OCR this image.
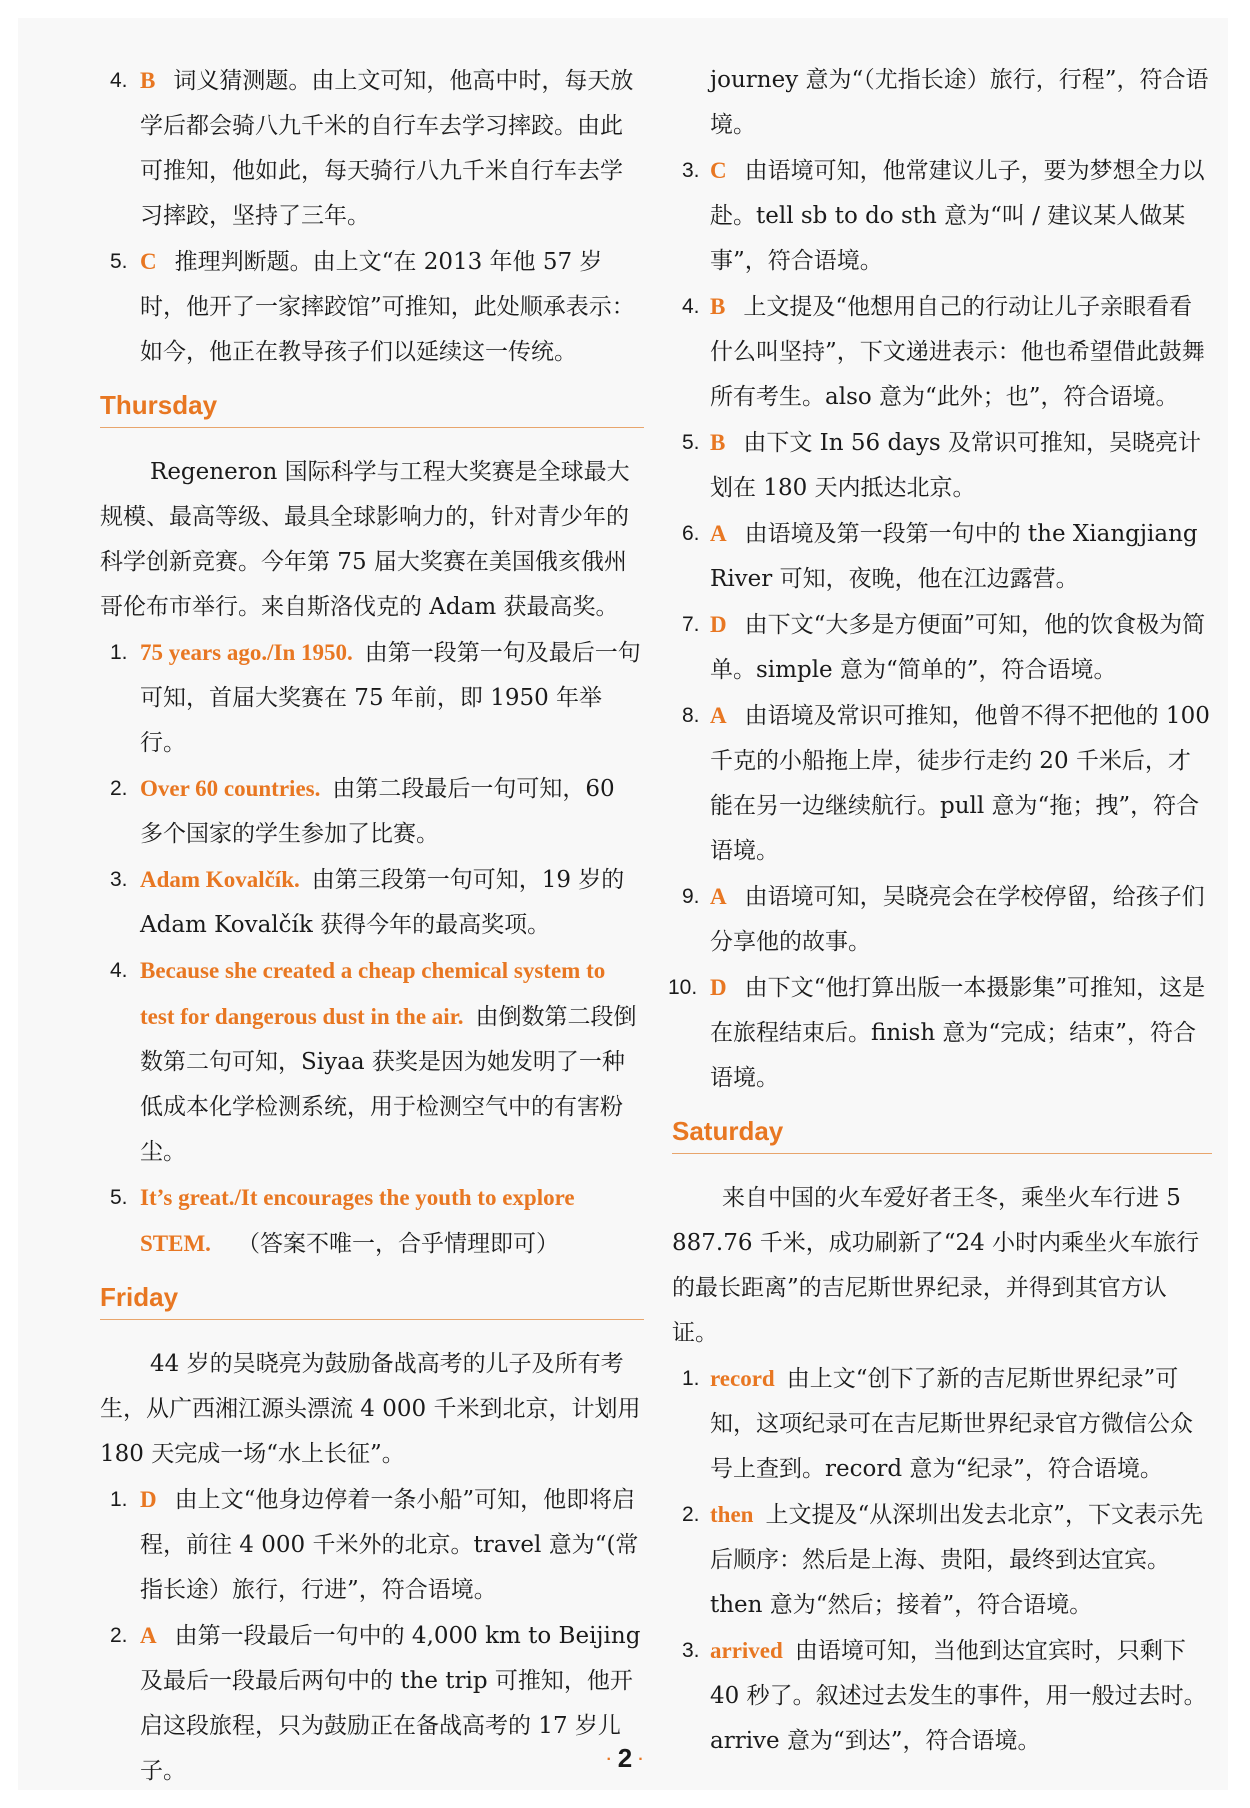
4. B 词义猜测题。由上文可知，他高中时，每天放学后都会骑八九千米的自行车去学习摔跤。由此可推知，他如此，每天骑行八九千米自行车去学习摔跤，坚持了三年。
5. C 推理判断题。由上文“在 2013 年他 57 岁时，他开了一家摔跤馆”可推知，此处顺承表示：如今，他正在教导孩子们以延续这一传统。
Thursday
Regeneron 国际科学与工程大奖赛是全球最大规模、最高等级、最具全球影响力的，针对青少年的科学创新竞赛。今年第 75 届大奖赛在美国俄亥俄州哥伦布市举行。来自斯洛伐克的 Adam 获最高奖。
1. 75 years ago./In 1950. 由第一段第一句及最后一句可知，首届大奖赛在 75 年前，即 1950 年举行。
2. Over 60 countries. 由第二段最后一句可知，60 多个国家的学生参加了比赛。
3. Adam Kovalčík. 由第三段第一句可知，19 岁的 Adam Kovalčík 获得今年的最高奖项。
4. Because she created a cheap chemical system to test for dangerous dust in the air. 由倒数第二段倒数第二句可知，Siyaa 获奖是因为她发明了一种低成本化学检测系统，用于检测空气中的有害粉尘。
5. It’s great./It encourages the youth to explore STEM. （答案不唯一，合乎情理即可）
Friday
44 岁的吴晓亮为鼓励备战高考的儿子及所有考生，从广西湘江源头漂流 4 000 千米到北京，计划用 180 天完成一场“水上长征”。
1. D 由上文“他身边停着一条小船”可知，他即将启程，前往 4 000 千米外的北京。travel 意为“(常指长途）旅行，行进”，符合语境。
2. A 由第一段最后一句中的 4,000 km to Beijing 及最后一段最后两句中的 the trip 可推知，他开启这段旅程，只为鼓励正在备战高考的 17 岁儿子。
journey 意为“（尤指长途）旅行，行程”，符合语境。
3. C 由语境可知，他常建议儿子，要为梦想全力以赴。tell sb to do sth 意为“叫 / 建议某人做某事”，符合语境。
4. B 上文提及“他想用自己的行动让儿子亲眼看看什么叫坚持”，下文递进表示：他也希望借此鼓舞所有考生。also 意为“此外；也”，符合语境。
5. B 由下文 In 56 days 及常识可推知，吴晓亮计划在 180 天内抵达北京。
6. A 由语境及第一段第一句中的 the Xiangjiang River 可知，夜晚，他在江边露营。
7. D 由下文“大多是方便面”可知，他的饮食极为简单。simple 意为“简单的”，符合语境。
8. A 由语境及常识可推知，他曾不得不把他的 100 千克的小船拖上岸，徒步行走约 20 千米后，才能在另一边继续航行。pull 意为“拖；拽”，符合语境。
9. A 由语境可知，吴晓亮会在学校停留，给孩子们分享他的故事。
10. D 由下文“他打算出版一本摄影集”可推知，这是在旅程结束后。finish 意为“完成；结束”，符合语境。
Saturday
来自中国的火车爱好者王冬，乘坐火车行进 5 887.76 千米，成功刷新了“24 小时内乘坐火车旅行的最长距离”的吉尼斯世界纪录，并得到其官方认证。
1. record 由上文“创下了新的吉尼斯世界纪录”可知，这项纪录可在吉尼斯世界纪录官方微信公众号上查到。record 意为“纪录”，符合语境。
2. then 上文提及“从深圳出发去北京”，下文表示先后顺序：然后是上海、贵阳，最终到达宜宾。then 意为“然后；接着”，符合语境。
3. arrived 由语境可知，当他到达宜宾时，只剩下 40 秒了。叙述过去发生的事件，用一般过去时。arrive 意为“到达”，符合语境。
· 2 ·
